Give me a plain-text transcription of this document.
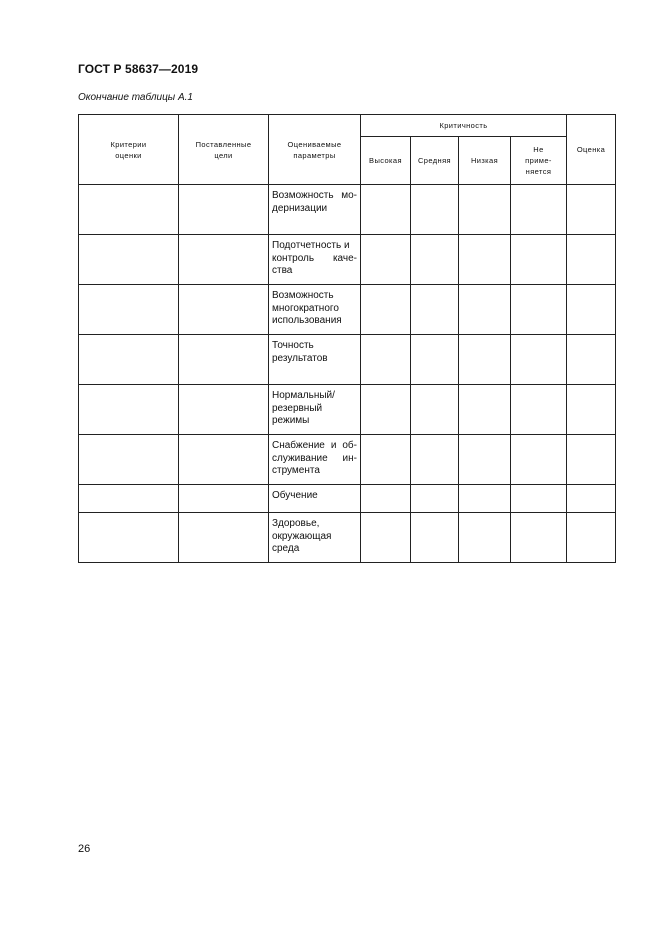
ГОСТ Р 58637—2019
Окончание таблицы А.1
Критерии оценки	Поставленные цели	Оцениваемые параметры	Критичность				Оценка
			Высокая	Средняя	Низкая	Не приме-няется	

		Возможность мо-
дернизации					

		Подотчетность и
контроль каче-
ства					

		Возможность
многократного
использования					

		Точность
результатов					

		Нормальный/
резервный
режимы					

		Снабжение и об-
служивание ин-
струмента					

		Обучение					

		Здоровье,
окружающая
среда					

26
